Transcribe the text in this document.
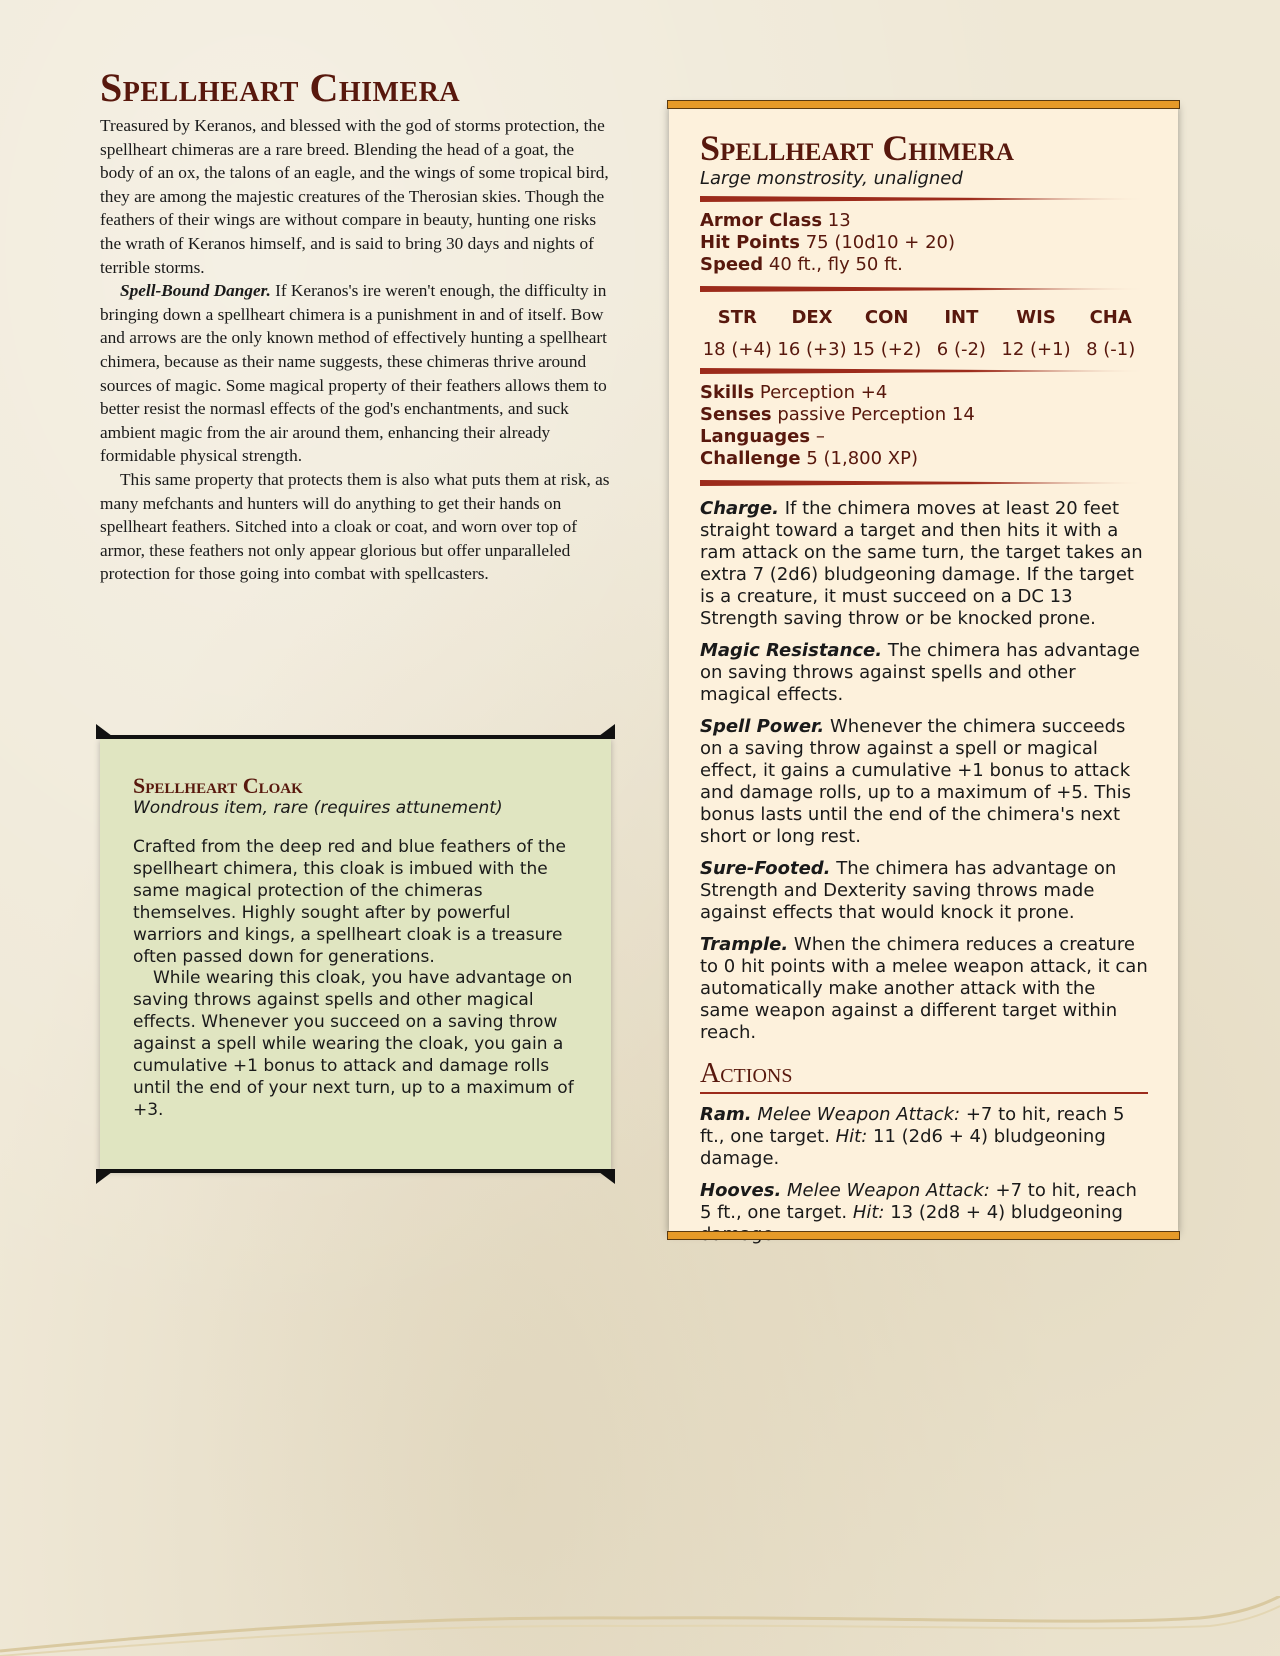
Spellheart Chimera

Treasured by Keranos, and blessed with the god of storms protection, the spellheart chimeras are a rare breed. Blending the head of a goat, the body of an ox, the talons of an eagle, and the wings of some tropical bird, they are among the majestic creatures of the Therosian skies. Though the feathers of their wings are without compare in beauty, hunting one risks the wrath of Keranos himself, and is said to bring 30 days and nights of terrible storms.

Spell-Bound Danger. If Keranos's ire weren't enough, the difficulty in bringing down a spellheart chimera is a punishment in and of itself. Bow and arrows are the only known method of effectively hunting a spellheart chimera, because as their name suggests, these chimeras thrive around sources of magic. Some magical property of their feathers allows them to better resist the normasl effects of the god's enchantments, and suck ambient magic from the air around them, enhancing their already formidable physical strength.

This same property that protects them is also what puts them at risk, as many mefchants and hunters will do anything to get their hands on spellheart feathers. Sitched into a cloak or coat, and worn over top of armor, these feathers not only appear glorious but offer unparalleled protection for those going into combat with spellcasters.

Spellheart Cloak
Wondrous item, rare (requires attunement)

Crafted from the deep red and blue feathers of the spellheart chimera, this cloak is imbued with the same magical protection of the chimeras themselves. Highly sought after by powerful warriors and kings, a spellheart cloak is a treasure often passed down for generations.

While wearing this cloak, you have advantage on saving throws against spells and other magical effects. Whenever you succeed on a saving throw against a spell while wearing the cloak, you gain a cumulative +1 bonus to attack and damage rolls until the end of your next turn, up to a maximum of +3.

Spellheart Chimera
Large monstrosity, unaligned
Armor Class 13
Hit Points 75 (10d10 + 20)
Speed 40 ft., fly 50 ft.
STR
18 (+4)
DEX
16 (+3)
CON
15 (+2)
INT
6 (-2)
WIS
12 (+1)
CHA
8 (-1)
Skills Perception +4
Senses passive Perception 14
Languages –
Challenge 5 (1,800 XP)

Charge. If the chimera moves at least 20 feet straight toward a target and then hits it with a ram attack on the same turn, the target takes an extra 7 (2d6) bludgeoning damage. If the target is a creature, it must succeed on a DC 13 Strength saving throw or be knocked prone.

Magic Resistance. The chimera has advantage on saving throws against spells and other magical effects.

Spell Power. Whenever the chimera succeeds on a saving throw against a spell or magical effect, it gains a cumulative +1 bonus to attack and damage rolls, up to a maximum of +5. This bonus lasts until the end of the chimera's next short or long rest.

Sure-Footed. The chimera has advantage on Strength and Dexterity saving throws made against effects that would knock it prone.

Trample. When the chimera reduces a creature to 0 hit points with a melee weapon attack, it can automatically make another attack with the same weapon against a different target within reach.

Actions

Ram. Melee Weapon Attack: +7 to hit, reach 5 ft., one target. Hit: 11 (2d6 + 4) bludgeoning damage.

Hooves. Melee Weapon Attack: +7 to hit, reach 5 ft., one target. Hit: 13 (2d8 + 4) bludgeoning
